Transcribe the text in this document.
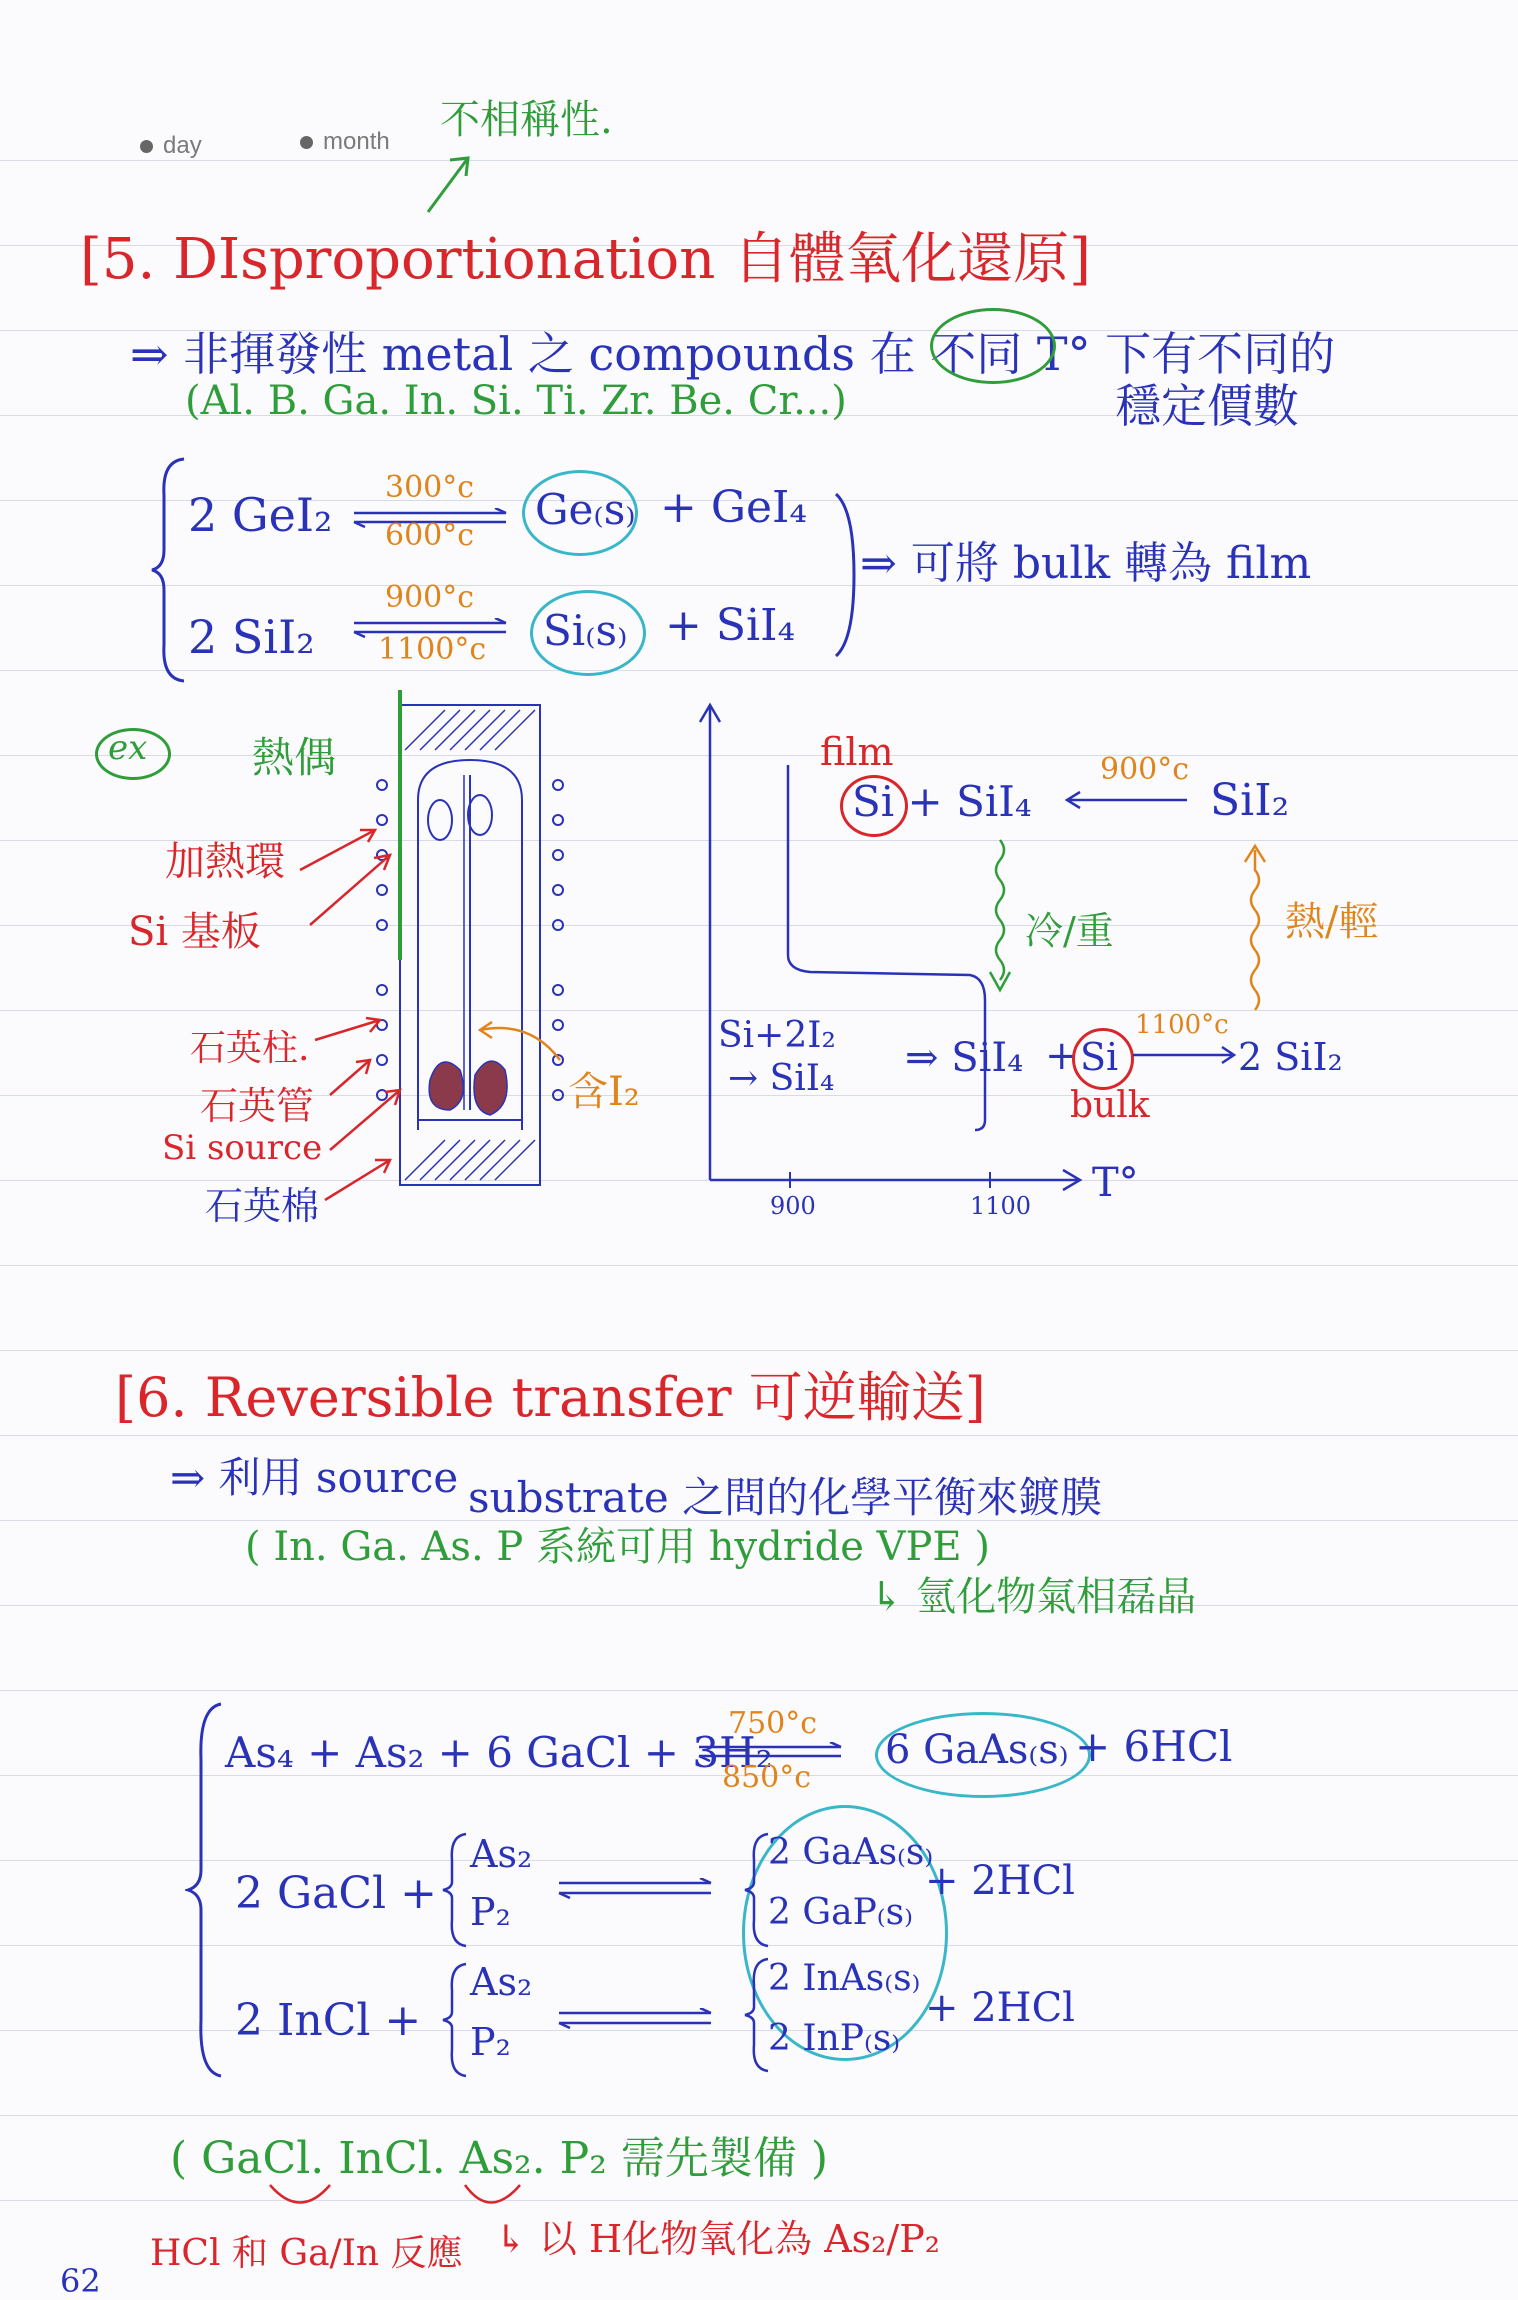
day	month 不相稱性.
[5. DIsproportionation 自體氧化還原]
⇒ 非揮發性 metal 之 compounds 在 不同 T° 下有不同的
(Al. B. Ga. In. Si. Ti. Zr. Be. Cr...)	穩定價數
2 GeI₂
300°c
600°c
Ge₍s₎ + GeI₄
2 SiI₂
900°c
1100°c Si₍s₎ + SiI₄
⇒ 可將 bulk 轉為 film
ex 熱偶
加熱環
Si 基板
石英柱.
石英管
Si source
石英棉
含I₂
film
Si + SiI₄
900°c
SiI₂
冷/重	熱/輕
Si+2I₂
→ SiI₄ ⇒ SiI₄ + Si
1100°c
2 SiI₂
bulk
900	1100 T°
[6. Reversible transfer 可逆輸送]
⇒ 利用 source substrate 之間的化學平衡來鍍膜
( In. Ga. As. P 系統可用 hydride VPE )
↳ 氫化物氣相磊晶
As₄ + As₂ + 6 GaCl + 3H₂
750°c
850°c
6 GaAs₍s₎ + 6HCl
2 GaCl +
As₂
P₂
2 GaAs₍s₎
2 GaP₍s₎
+ 2HCl
2 InCl +
As₂
P₂
2 InAs₍s₎
2 InP₍s₎
+ 2HCl
( GaCl. InCl. As₂. P₂ 需先製備 )
HCl 和 Ga/In 反應 ↳ 以 H化物氧化為 As₂/P₂
62
